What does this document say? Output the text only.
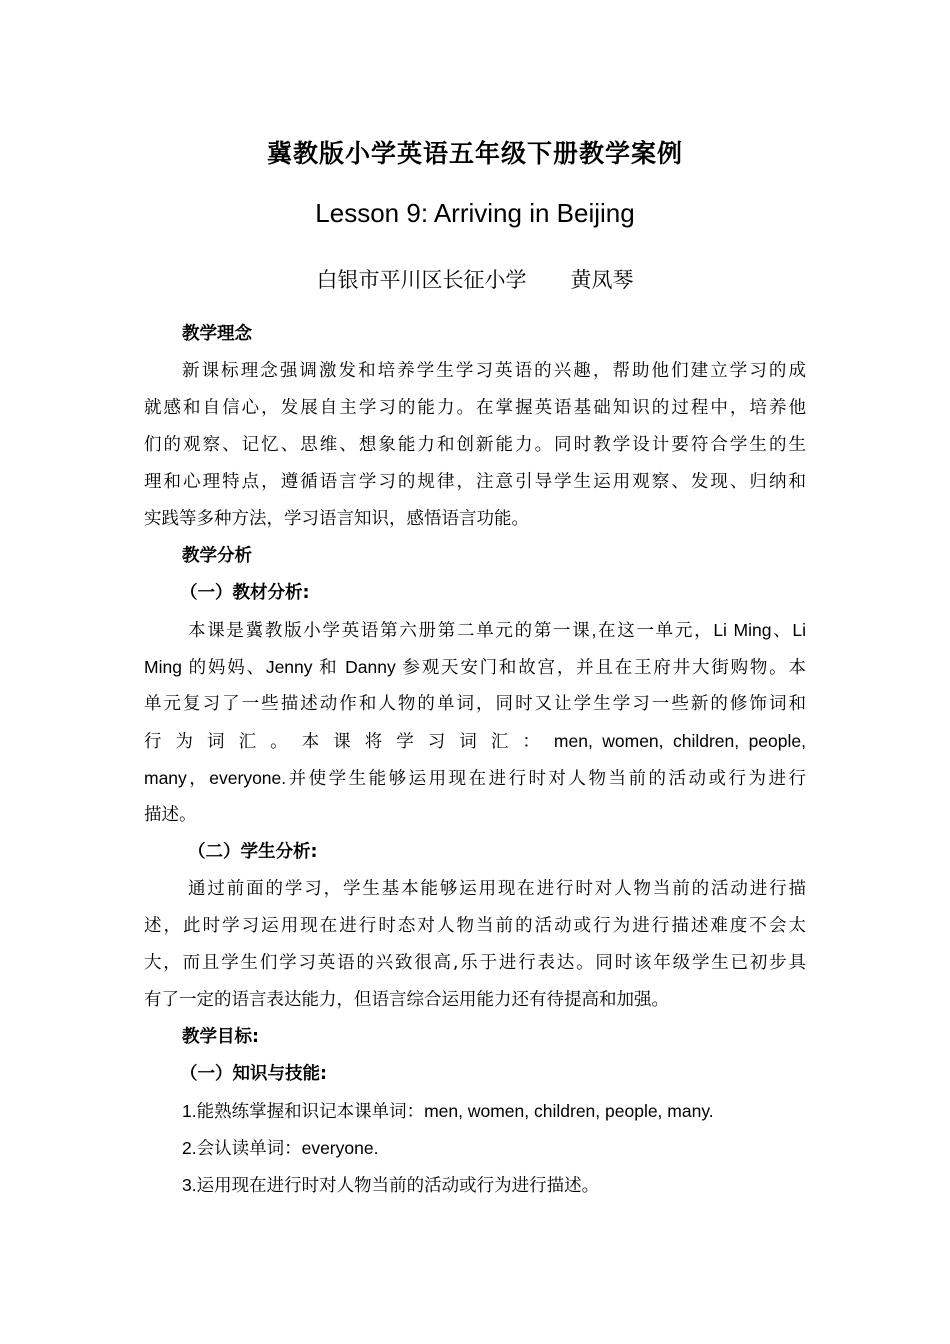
冀教版小学英语五年级下册教学案例
Lesson 9: Arriving in Beijing
白银市平川区长征小学 黄凤琴
教学理念
新课标理念强调激发和培养学生学习英语的兴趣，帮助他们建立学习的成
就感和自信心，发展自主学习的能力。在掌握英语基础知识的过程中，培养他
们的观察、记忆、思维、想象能力和创新能力。同时教学设计要符合学生的生
理和心理特点，遵循语言学习的规律，注意引导学生运用观察、发现、归纳和
实践等多种方法，学习语言知识，感悟语言功能。
教学分析
（一）教材分析:
本课是冀教版小学英语第六册第二单元的第一课,在这一单元，Li Ming、Li
Ming 的妈妈、Jenny 和 Danny 参观天安门和故宫，并且在王府井大街购物。本
单元复习了一些描述动作和人物的单词，同时又让学生学习一些新的修饰词和
行 为 词 汇 。 本 课 将 学 习 词 汇 ： men, women, children, people,
many，everyone.并使学生能够运用现在进行时对人物当前的活动或行为进行
描述。
（二）学生分析:
通过前面的学习，学生基本能够运用现在进行时对人物当前的活动进行描
述，此时学习运用现在进行时态对人物当前的活动或行为进行描述难度不会太
大，而且学生们学习英语的兴致很高,乐于进行表达。同时该年级学生已初步具
有了一定的语言表达能力，但语言综合运用能力还有待提高和加强。
教学目标:
（一）知识与技能:
1.能熟练掌握和识记本课单词：men, women, children, people, many.
2.会认读单词：everyone.
3.运用现在进行时对人物当前的活动或行为进行描述。
